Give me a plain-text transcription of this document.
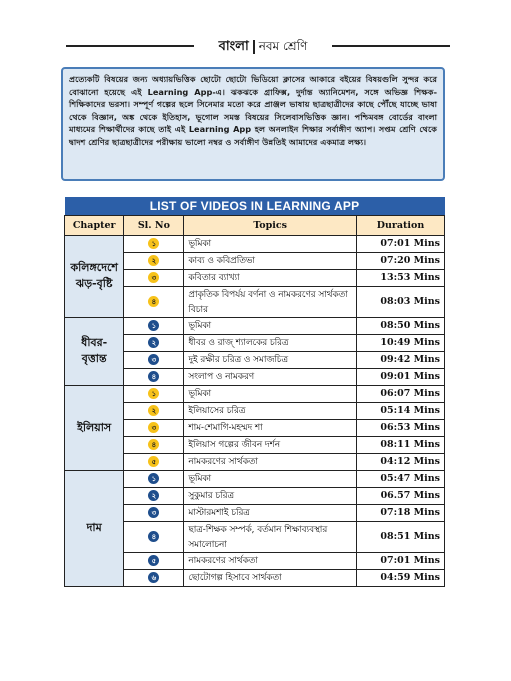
বাংলা নবম শ্রেণি
প্রত্যেকটি বিষয়ের জন্য অধ্যায়ভিত্তিক ছোটো ছোটো ভিডিয়ো ক্লাসের আকারে বইয়ের বিষয়গুলি সুন্দর করে বোঝানো হয়েছে এই Learning App-এ। ঝকঝকে গ্রাফিক্স, দুর্দান্ত অ্যানিমেশন, সঙ্গে অভিজ্ঞ শিক্ষক-শিক্ষিকাদের ভরসা। সম্পূর্ণ গল্পের ছলে সিনেমার মতো করে প্রাঞ্জল ভাষায় ছাত্রছাত্রীদের কাছে পৌঁছে যাচ্ছে ভাষা থেকে বিজ্ঞান, অঙ্ক থেকে ইতিহাস, ভূগোল সমস্ত বিষয়ের সিলেবাসভিত্তিক জ্ঞান। পশ্চিমবঙ্গ বোর্ডের বাংলা মাধ্যমের শিক্ষার্থীদের কাছে তাই এই Learning App হল অনলাইন শিক্ষার সর্বাঙ্গীণ অ্যাপ। সপ্তম শ্রেণি থেকে দ্বাদশ শ্রেণির ছাত্রছাত্রীদের পরীক্ষায় ভালো নম্বর ও সর্বাঙ্গীণ উন্নতিই আমাদের একমাত্র লক্ষ্য।
LIST OF VIDEOS IN LEARNING APP			
Chapter	Sl. No	Topics	Duration
কলিঙ্গদেশে
ঝড়-বৃষ্টি	১	ভূমিকা	07:01 Mins
	২	কাব্য ও কবিপ্রতিভা	07:20 Mins
	৩	কবিতার ব্যাখ্যা	13:53 Mins
	৪	প্রাকৃতিক বিপর্যয় বর্ণনা ও নামকরণের সার্থকতা বিচার	08:03 Mins
ধীবর-বৃত্তান্ত	১	ভূমিকা	08:50 Mins
	২	ধীবর ও রাজ্ শ্যালকের চরিত্র	10:49 Mins
	৩	দুই রক্ষীর চরিত্র ও সমাজচিত্র	09:42 Mins
	৪	সংলাপ ও নামকরণ	09:01 Mins
ইলিয়াস	১	ভূমিকা	06:07 Mins
	২	ইলিয়াসের চরিত্র	05:14 Mins
	৩	শাম-শেমাগি-মহম্মদ শা	06:53 Mins
	৪	ইলিয়াস গল্পের জীবন দর্শন	08:11 Mins
	৫	নামকরণের সার্থকতা	04:12 Mins
দাম	১	ভূমিকা	05:47 Mins
	২	সুকুমার চরিত্র	06.57 Mins
	৩	মাস্টারমশাই চরিত্র	07:18 Mins
	৪	ছাত্র-শিক্ষক সম্পর্ক, বর্তমান শিক্ষাব্যবস্থার সমালোচনা	08:51 Mins
	৫	নামকরণের সার্থকতা	07:01 Mins
	৬	ছোটোগল্প হিসাবে সার্থকতা	04:59 Mins
